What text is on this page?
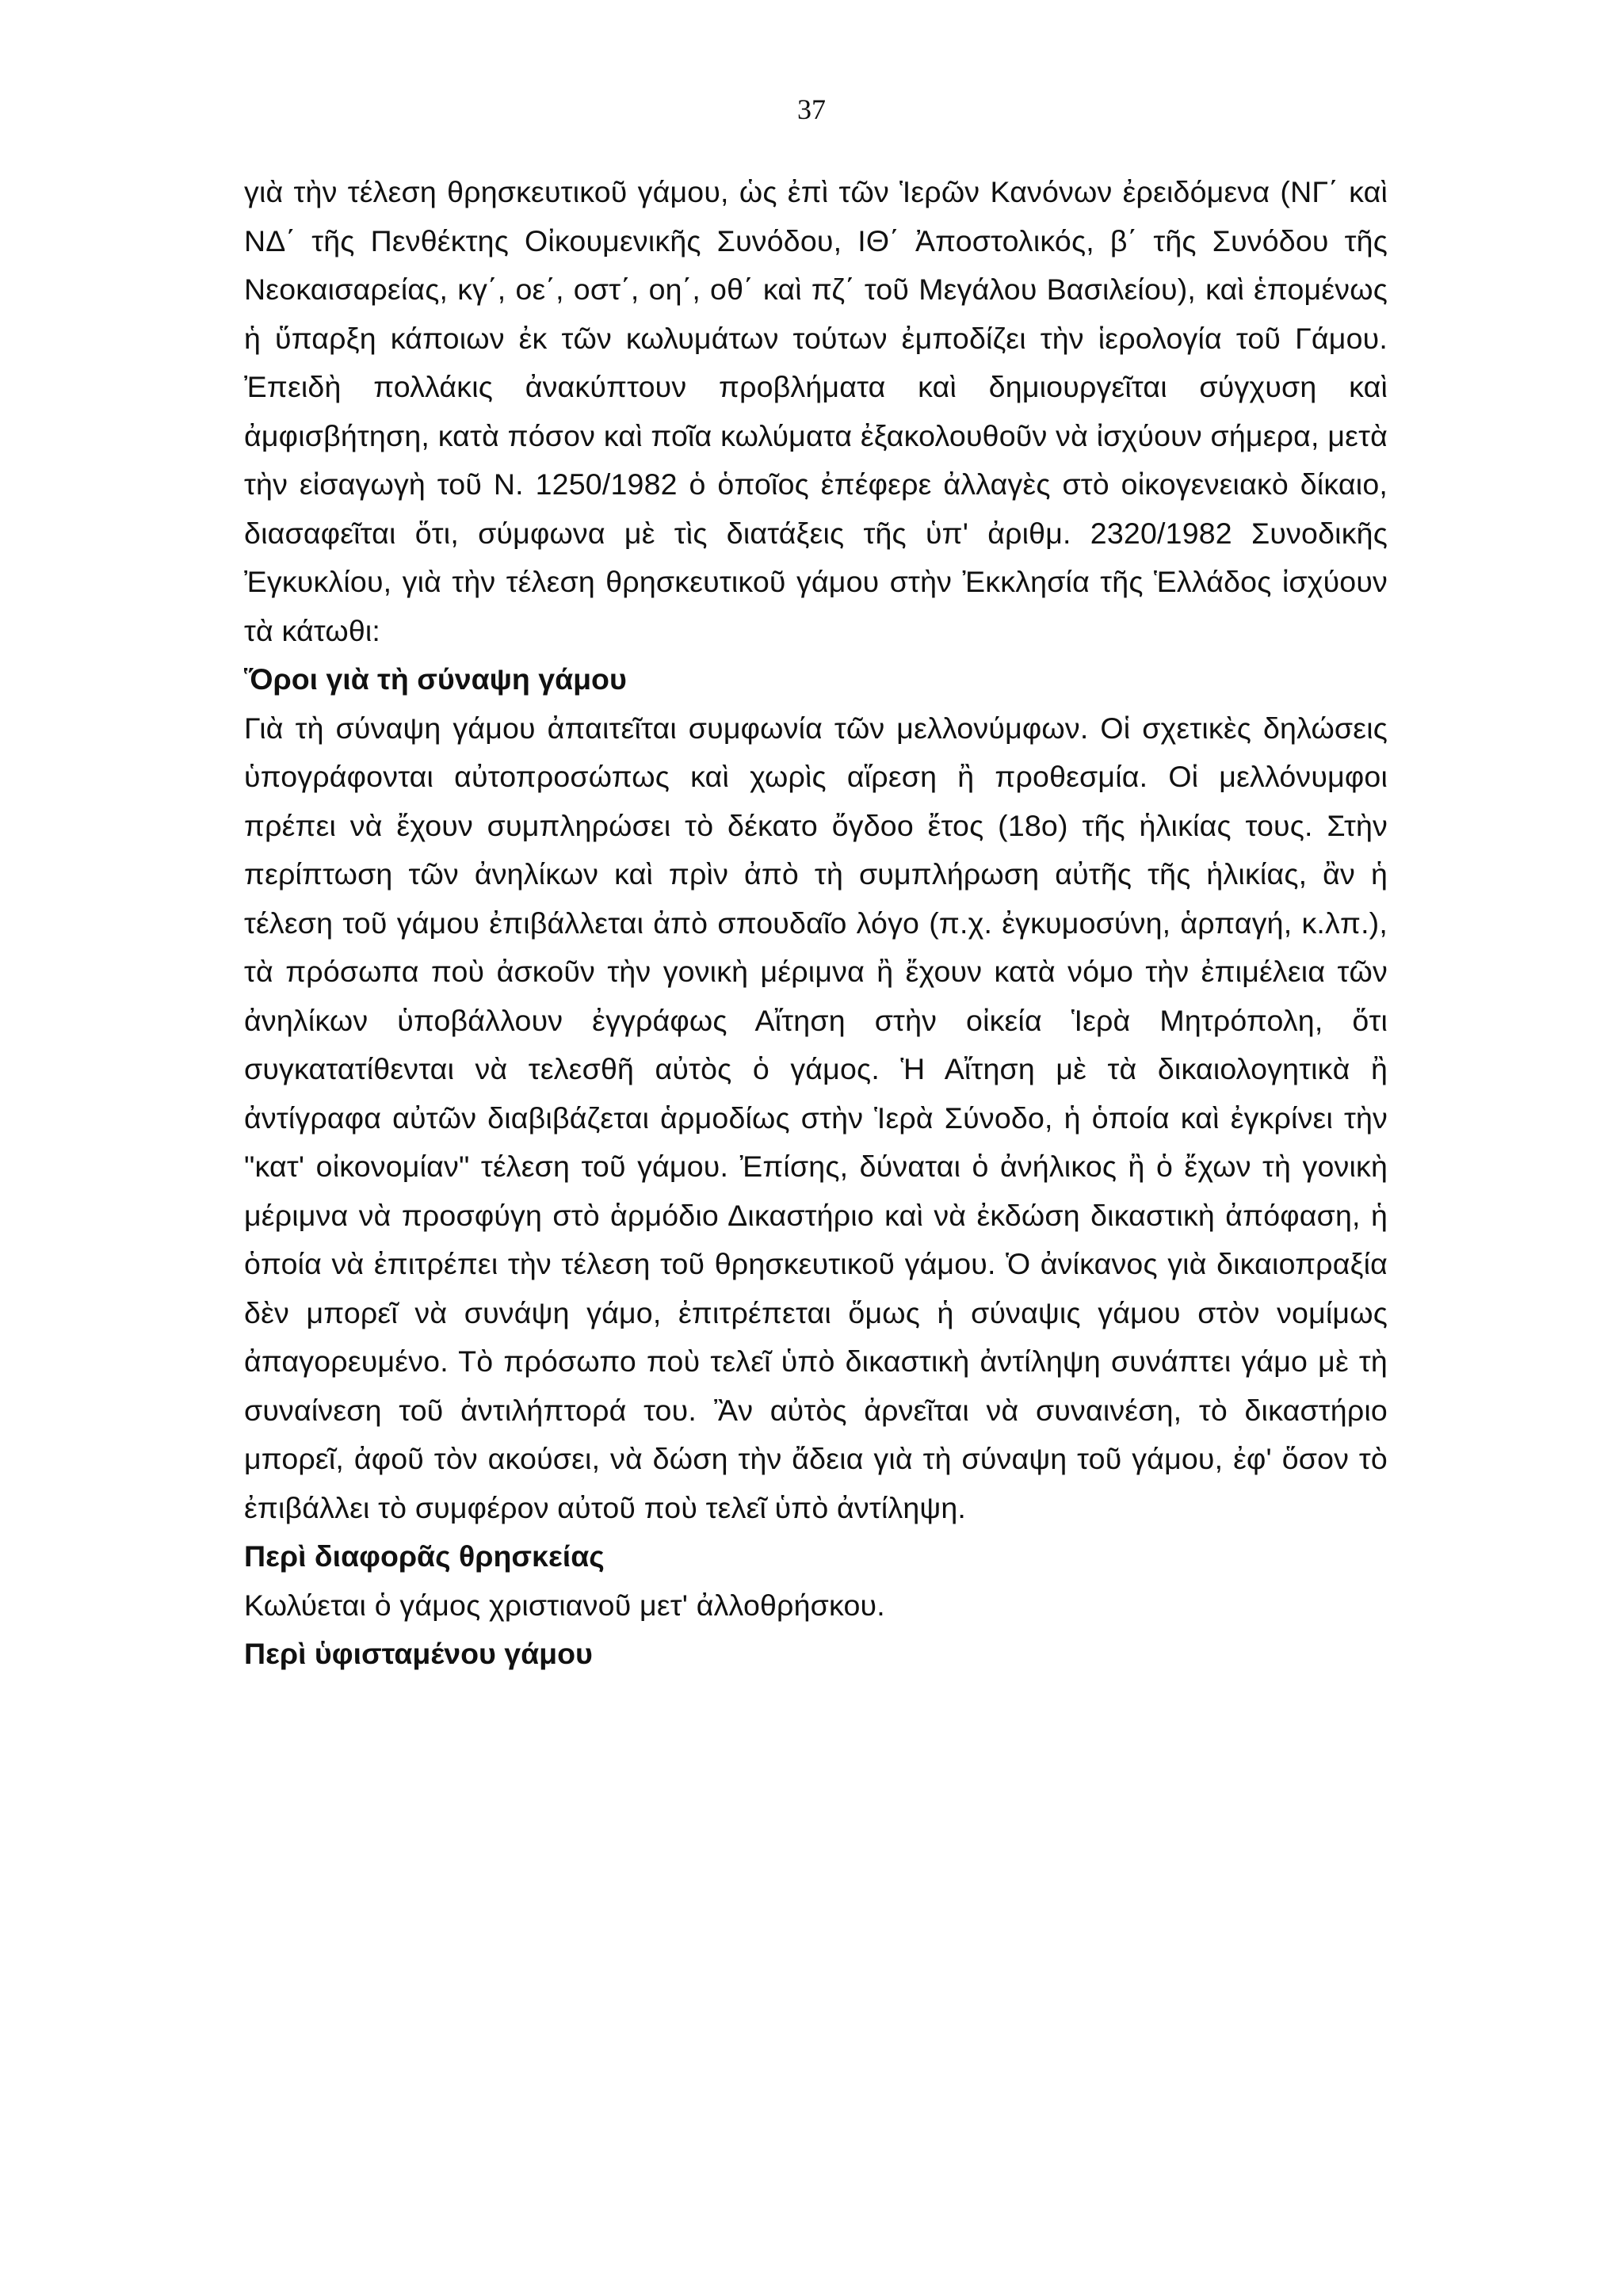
37

γιὰ τὴν τέλεση θρησκευτικοῦ γάμου, ὡς ἐπὶ τῶν Ἱερῶν Κανόνων ἐρειδόμενα (ΝΓ΄ καὶ ΝΔ΄ τῆς Πενθέκτης Οἰκουμενικῆς Συνόδου, ΙΘ΄ Ἀποστολικός, β΄ τῆς Συνόδου τῆς Νεοκαισαρείας, κγ΄, οε΄, οστ΄, οη΄, οθ΄ καὶ πζ΄ τοῦ Μεγάλου Βασιλείου), καὶ ἑπομένως ἡ ὕπαρξη κάποιων ἐκ τῶν κωλυμάτων τούτων ἐμποδίζει τὴν ἱερολογία τοῦ Γάμου. Ἐπειδὴ πολλάκις ἀνακύπτουν προβλήματα καὶ δημιουργεῖται σύγχυση καὶ ἀμφισβήτηση, κατὰ πόσον καὶ ποῖα κωλύματα ἐξακολουθοῦν νὰ ἰσχύουν σήμερα, μετὰ τὴν εἰσαγωγὴ τοῦ Ν. 1250/1982 ὁ ὁποῖος ἐπέφερε ἀλλαγὲς στὸ οἰκογενειακὸ δίκαιο, διασαφεῖται ὅτι, σύμφωνα μὲ τὶς διατάξεις τῆς ὑπ' ἀριθμ. 2320/1982 Συνοδικῆς Ἐγκυκλίου, γιὰ τὴν τέλεση θρησκευτικοῦ γάμου στὴν Ἐκκλησία τῆς Ἑλλάδος ἰσχύουν τὰ κάτωθι:

Ὅροι γιὰ τὴ σύναψη γάμου

Γιὰ τὴ σύναψη γάμου ἀπαιτεῖται συμφωνία τῶν μελλονύμφων. Οἱ σχετικὲς δηλώσεις ὑπογράφονται αὐτοπροσώπως καὶ χωρὶς αἵρεση ἢ προθεσμία. Οἱ μελλόνυμφοι πρέπει νὰ ἔχουν συμπληρώσει τὸ δέκατο ὄγδοο ἔτος (18ο) τῆς ἡλικίας τους. Στὴν περίπτωση τῶν ἀνηλίκων καὶ πρὶν ἀπὸ τὴ συμπλήρωση αὐτῆς τῆς ἡλικίας, ἂν ἡ τέλεση τοῦ γάμου ἐπιβάλλεται ἀπὸ σπουδαῖο λόγο (π.χ. ἐγκυμοσύνη, ἁρπαγή, κ.λπ.), τὰ πρόσωπα ποὺ ἀσκοῦν τὴν γονικὴ μέριμνα ἢ ἔχουν κατὰ νόμο τὴν ἐπιμέλεια τῶν ἀνηλίκων ὑποβάλλουν ἐγγράφως Αἴτηση στὴν οἰκεία Ἱερὰ Μητρόπολη, ὅτι συγκατατίθενται νὰ τελεσθῆ αὐτὸς ὁ γάμος. Ἡ Αἴτηση μὲ τὰ δικαιολογητικὰ ἢ ἀντίγραφα αὐτῶν διαβιβάζεται ἁρμοδίως στὴν Ἱερὰ Σύνοδο, ἡ ὁποία καὶ ἐγκρίνει τὴν "κατ' οἰκονομίαν" τέλεση τοῦ γάμου. Ἐπίσης, δύναται ὁ ἀνήλικος ἢ ὁ ἔχων τὴ γονικὴ μέριμνα νὰ προσφύγη στὸ ἁρμόδιο Δικαστήριο καὶ νὰ ἐκδώση δικαστικὴ ἀπόφαση, ἡ ὁποία νὰ ἐπιτρέπει τὴν τέλεση τοῦ θρησκευτικοῦ γάμου. Ὁ ἀνίκανος γιὰ δικαιοπραξία δὲν μπορεῖ νὰ συνάψη γάμο, ἐπιτρέπεται ὅμως ἡ σύναψις γάμου στὸν νομίμως ἀπαγορευμένο. Τὸ πρόσωπο ποὺ τελεῖ ὑπὸ δικαστικὴ ἀντίληψη συνάπτει γάμο μὲ τὴ συναίνεση τοῦ ἀντιλήπτορά του. Ἂν αὐτὸς ἀρνεῖται νὰ συναινέση, τὸ δικαστήριο μπορεῖ, ἀφοῦ τὸν ακούσει, νὰ δώση τὴν ἄδεια γιὰ τὴ σύναψη τοῦ γάμου, ἐφ' ὅσον τὸ ἐπιβάλλει τὸ συμφέρον αὐτοῦ ποὺ τελεῖ ὑπὸ ἀντίληψη.

Περὶ διαφορᾶς θρησκείας

Κωλύεται ὁ γάμος χριστιανοῦ μετ' ἀλλοθρήσκου.

Περὶ ὑφισταμένου γάμου
